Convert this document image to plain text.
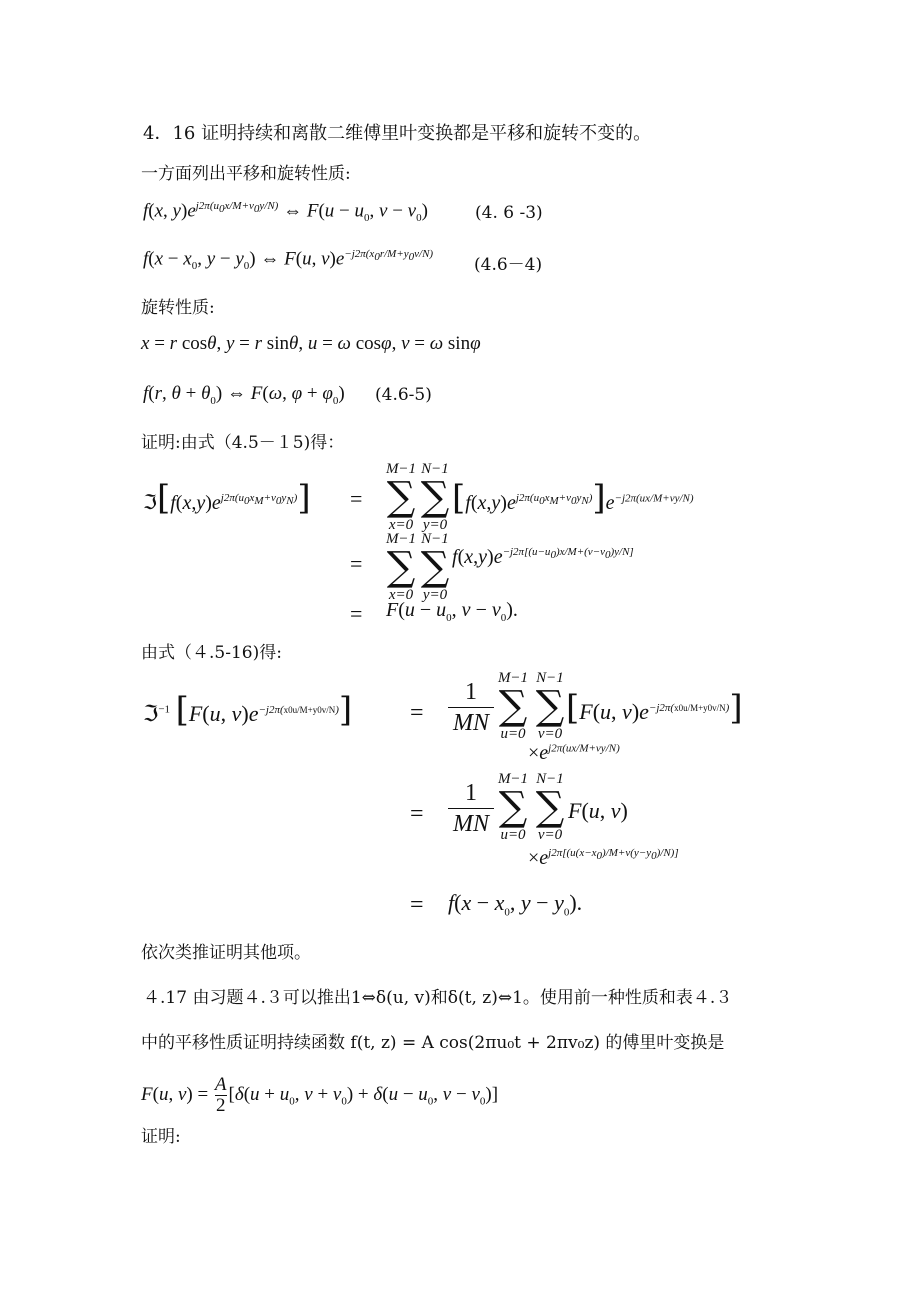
4．16 证明持续和离散二维傅里叶变换都是平移和旋转不变的。
一方面列出平移和旋转性质:
f(x, $y)e^{j2\pi(u_0x/M+v_0y/N)}$ ⇔ $F(u - u_0$, $v - v_0$)	(4. 6 -3)
$f(x - x_0$, $y - y_0$) ⇔ F(u, $v)e^{-j2\pi(x_0r/M+y_0v/N)}$
(4.6－4)
旋转性质:
x = r cosθ, y = r sinθ, u = ω cosφ, v = ω sinφ
f(r, $\theta + \theta_0$) ⇔ F(ω, $\varphi + \varphi_0$) (4.6-5)
证明:由式（4.5－１5)得：
$ℑ[f(x,y)e^{j2\pi(u_0x_M+v_0y_N)}]$ =
M−1
∑
x=0
N−1
∑
y=0
$[f(x,y)e^{j2\pi(u_0x_M+v_0y_N)}]e^{-j2\pi(ux/M+vy/N)}$
=
M−1
∑
x=0
N−1
∑
y=0
$f(x,y)e^{-j2\pi[(u-u_0)x/M+(v-v_0)y/N]}$
= $F(u - u_0$, $v - v_0$).
由式（４.5-16)得:
ℑ$^{-1}$ [F(u, $v)e^{-j2\pi(x0u/M+y0v/N)}] = \frac{1}{MN} M-1$
∑
u=0
N−1
∑
v=0
[F(u, $v)e^{-j2\pi(x0u/M+y0v/N)}$]
$\times e^{j2\pi(ux/M+vy/N)}$
= $\frac{1}{MN} M-1$
∑
u=0
N−1
∑
v=0
F(u, v)
$\times e^{j2\pi[(u(x-x_0)/M+v(y-y_0)/N)]}$
= $f(x - x_0$, $y - y_0$).
依次类推证明其他项。
４.17 由习题４.３可以推出1⇔δ(u, v)和δ(t, z)⇔1。使用前一种性质和表４.３
中的平移性质证明持续函数 f(t, z) = A cos(2πu₀t + 2πv₀z) 的傅里叶变换是
F(u, $v) = \frac{A}{2} [\delta(u + u_0$, $v + v_0) + \delta(u - u_0$, $v - v_0$)]
证明:
